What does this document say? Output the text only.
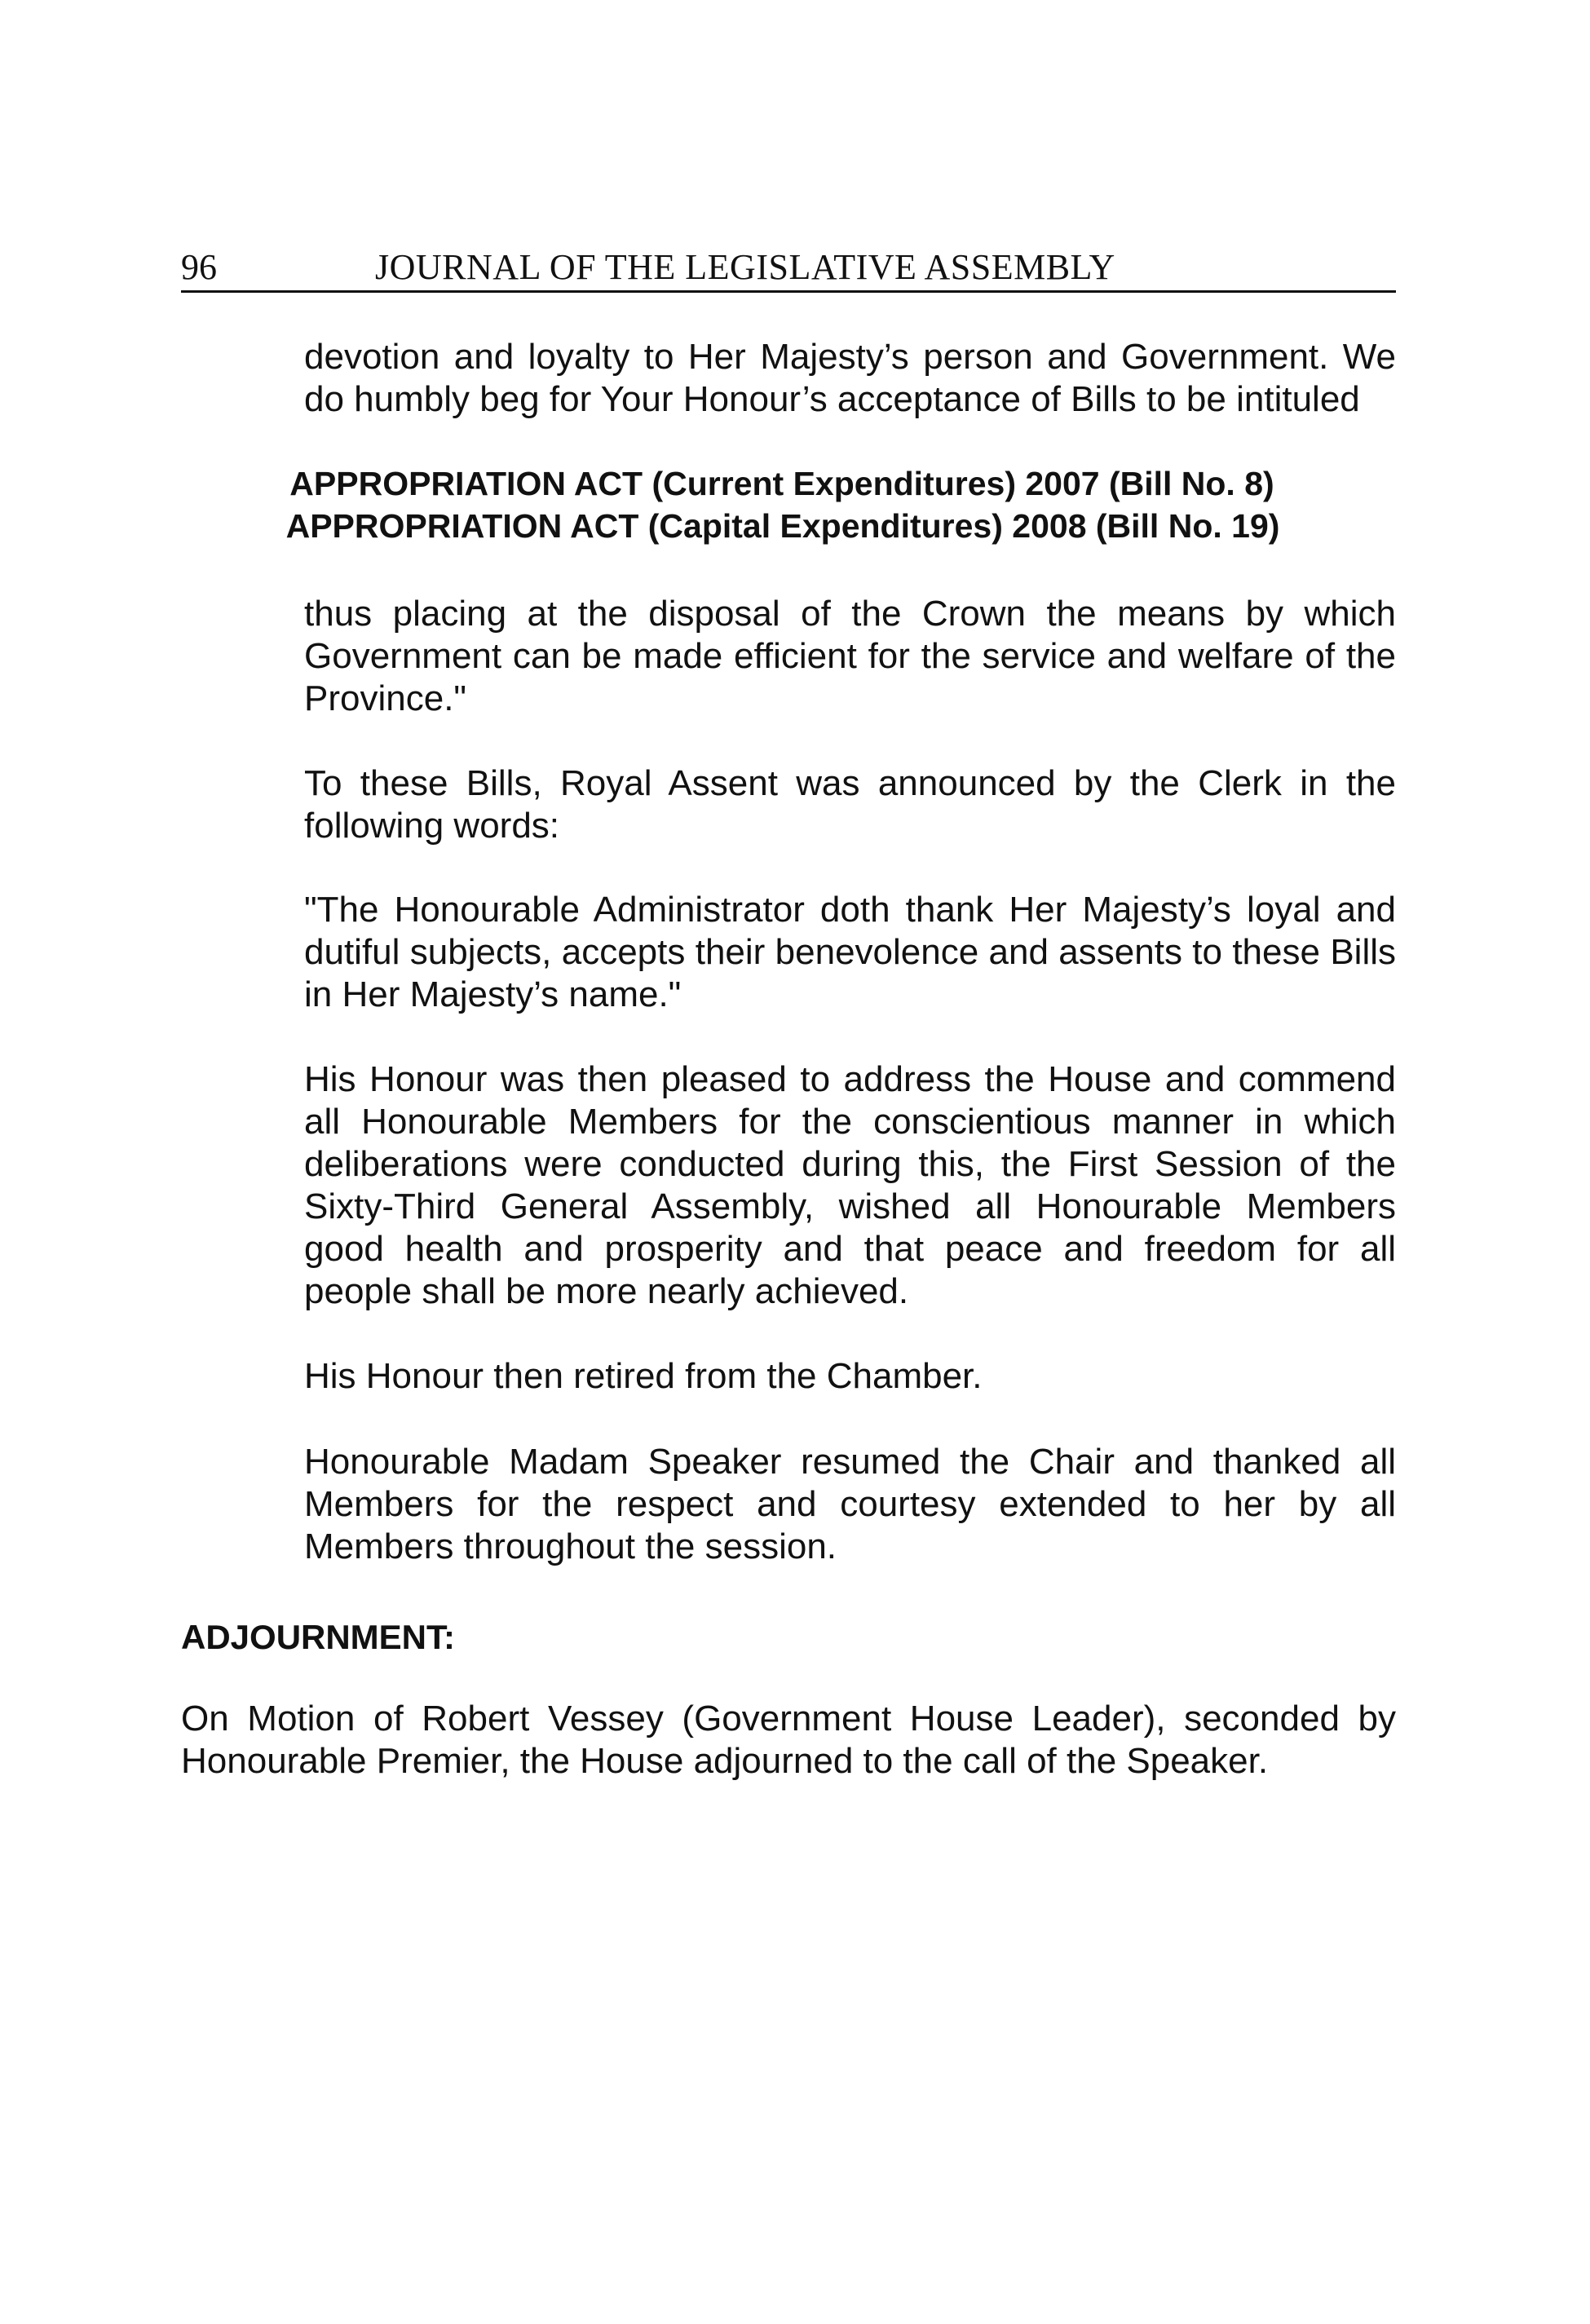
96	JOURNAL OF THE LEGISLATIVE ASSEMBLY

devotion and loyalty to Her Majesty’s person and Government. We do humbly beg for Your Honour’s acceptance of Bills to be intituled

APPROPRIATION ACT (Current Expenditures) 2007 (Bill No. 8)
APPROPRIATION ACT (Capital Expenditures) 2008 (Bill No. 19)

thus placing at the disposal of the Crown the means by which Government can be made efficient for the service and welfare of the Province."

To these Bills, Royal Assent was announced by the Clerk in the following words:

"The Honourable Administrator doth thank Her Majesty’s loyal and dutiful subjects, accepts their benevolence and assents to these Bills in Her Majesty’s name."

His Honour was then pleased to address the House and commend all Honourable Members for the conscientious manner in which deliberations were conducted during this, the First Session of the Sixty-Third General Assembly, wished all Honourable Members good health and prosperity and that peace and freedom for all people shall be more nearly achieved.

His Honour then retired from the Chamber.

Honourable Madam Speaker resumed the Chair and thanked all Members for the respect and courtesy extended to her by all Members throughout the session.

ADJOURNMENT:

On Motion of Robert Vessey (Government House Leader), seconded by Honourable Premier, the House adjourned to the call of the Speaker.
